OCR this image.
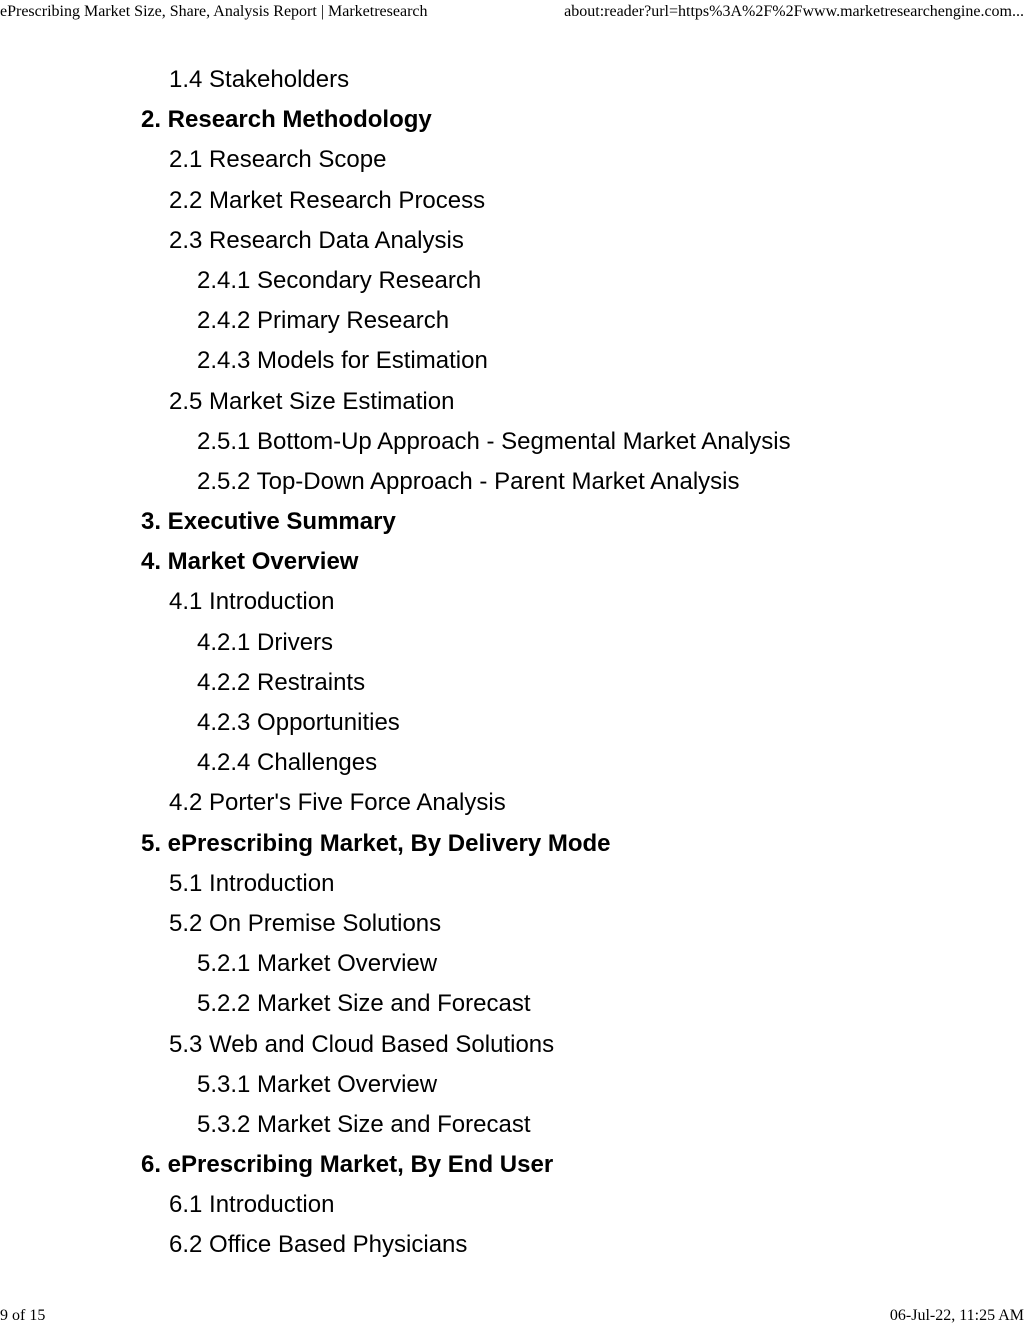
ePrescribing Market Size, Share, Analysis Report | Marketresearch	about:reader?url=https%3A%2F%2Fwww.marketresearchengine.com...
1.4 Stakeholders
2. Research Methodology
2.1 Research Scope
2.2 Market Research Process
2.3 Research Data Analysis
2.4.1 Secondary Research
2.4.2 Primary Research
2.4.3 Models for Estimation
2.5 Market Size Estimation
2.5.1 Bottom-Up Approach - Segmental Market Analysis
2.5.2 Top-Down Approach - Parent Market Analysis
3. Executive Summary
4. Market Overview
4.1 Introduction
4.2.1 Drivers
4.2.2 Restraints
4.2.3 Opportunities
4.2.4 Challenges
4.2 Porter's Five Force Analysis
5. ePrescribing Market, By Delivery Mode
5.1 Introduction
5.2 On Premise Solutions
5.2.1 Market Overview
5.2.2 Market Size and Forecast
5.3 Web and Cloud Based Solutions
5.3.1 Market Overview
5.3.2 Market Size and Forecast
6. ePrescribing Market, By End User
6.1 Introduction
6.2 Office Based Physicians
9 of 15	06-Jul-22, 11:25 AM
